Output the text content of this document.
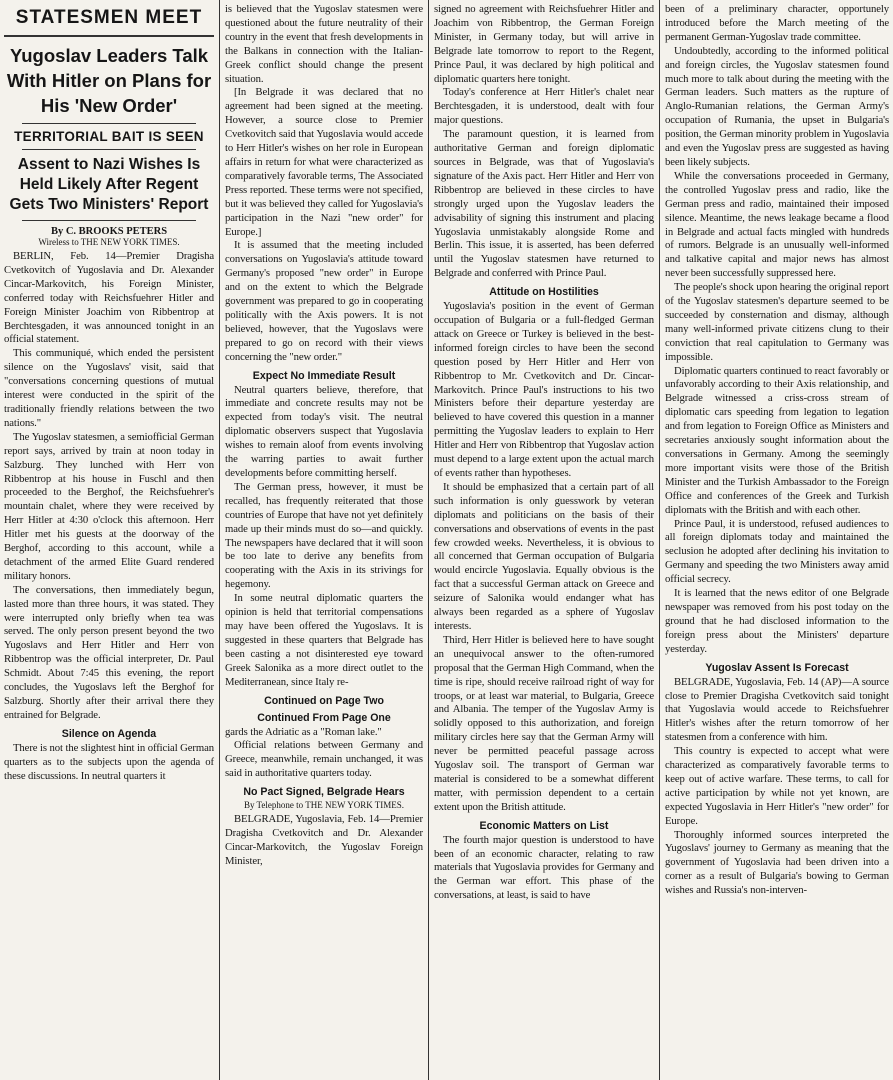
STATESMEN MEET
Yugoslav Leaders Talk With Hitler on Plans for His 'New Order'
TERRITORIAL BAIT IS SEEN
Assent to Nazi Wishes Is Held Likely After Regent Gets Two Ministers' Report
By C. BROOKS PETERS
Wireless to THE NEW YORK TIMES.

BERLIN, Feb. 14—Premier Dragisha Cvetkovitch of Yugoslavia and Dr. Alexander Cincar-Markovitch, his Foreign Minister, conferred today with Reichsfuehrer Hitler and Foreign Minister Joachim von Ribbentrop at Berchtesgaden, it was announced tonight in an official statement.

This communiqué, which ended the persistent silence on the Yugoslavs' visit, said that "conversations concerning questions of mutual interest were conducted in the spirit of the traditionally friendly relations between the two nations."

The Yugoslav statesmen, a semiofficial German report says, arrived by train at noon today in Salzburg. They lunched with Herr von Ribbentrop at his house in Fuschl and then proceeded to the Berghof, the Reichsfuehrer's mountain chalet, where they were received by Herr Hitler at 4:30 o'clock this afternoon. Herr Hitler met his guests at the doorway of the Berghof, according to this account, while a detachment of the armed Elite Guard rendered military honors.

The conversations, then immediately begun, lasted more than three hours, it was stated. They were interrupted only briefly when tea was served. The only person present beyond the two Yugoslavs and Herr Hitler and Herr von Ribbentrop was the official interpreter, Dr. Paul Schmidt. About 7:45 this evening, the report concludes, the Yugoslavs left the Berghof for Salzburg. Shortly after their arrival there they entrained for Belgrade.

Silence on Agenda

There is not the slightest hint in official German quarters as to the subjects upon the agenda of these discussions. In neutral quarters it

is believed that the Yugoslav statesmen were questioned about the future neutrality of their country in the event that fresh developments in the Balkans in connection with the Italian-Greek conflict should change the present situation.

[In Belgrade it was declared that no agreement had been signed at the meeting. However, a source close to Premier Cvetkovitch said that Yugoslavia would accede to Herr Hitler's wishes on her role in European affairs in return for what were characterized as comparatively favorable terms, The Associated Press reported. These terms were not specified, but it was believed they called for Yugoslavia's participation in the Nazi "new order" for Europe.]

It is assumed that the meeting included conversations on Yugoslavia's attitude toward Germany's proposed "new order" in Europe and on the extent to which the Belgrade government was prepared to go in cooperating politically with the Axis powers. It is not believed, however, that the Yugoslavs were prepared to go on record with their views concerning the "new order."

Expect No Immediate Result

Neutral quarters believe, therefore, that immediate and concrete results may not be expected from today's visit. The neutral diplomatic observers suspect that Yugoslavia wishes to remain aloof from events involving the warring parties to await further developments before committing herself.

The German press, however, it must be recalled, has frequently reiterated that those countries of Europe that have not yet definitely made up their minds must do so—and quickly. The newspapers have declared that it will soon be too late to derive any benefits from cooperating with the Axis in its strivings for hegemony.

In some neutral diplomatic quarters the opinion is held that territorial compensations may have been offered the Yugoslavs. It is suggested in these quarters that Belgrade has been casting a not disinterested eye toward Greek Salonika as a more direct outlet to the Mediterranean, since Italy re-

Continued on Page Two
Continued From Page One

gards the Adriatic as a "Roman lake."

Official relations between Germany and Greece, meanwhile, remain unchanged, it was said in authoritative quarters today.

No Pact Signed, Belgrade Hears
By Telephone to THE NEW YORK TIMES.

BELGRADE, Yugoslavia, Feb. 14—Premier Dragisha Cvetkovitch and Dr. Alexander Cincar-Markovitch, the Yugoslav Foreign Minister,

signed no agreement with Reichsfuehrer Hitler and Joachim von Ribbentrop, the German Foreign Minister, in Germany today, but will arrive in Belgrade late tomorrow to report to the Regent, Prince Paul, it was declared by high political and diplomatic quarters here tonight.

Today's conference at Herr Hitler's chalet near Berchtesgaden, it is understood, dealt with four major questions.

The paramount question, it is learned from authoritative German and foreign diplomatic sources in Belgrade, was that of Yugoslavia's signature of the Axis pact. Herr Hitler and Herr von Ribbentrop are believed in these circles to have strongly urged upon the Yugoslav leaders the advisability of signing this instrument and placing Yugoslavia unmistakably alongside Rome and Berlin. This issue, it is asserted, has been deferred until the Yugoslav statesmen have returned to Belgrade and conferred with Prince Paul.

Attitude on Hostilities

Yugoslavia's position in the event of German occupation of Bulgaria or a full-fledged German attack on Greece or Turkey is believed in the best-informed foreign circles to have been the second question posed by Herr Hitler and Herr von Ribbentrop to Mr. Cvetkovitch and Dr. Cincar-Markovitch. Prince Paul's instructions to his two Ministers before their departure yesterday are believed to have covered this question in a manner permitting the Yugoslav leaders to explain to Herr Hitler and Herr von Ribbentrop that Yugoslav action must depend to a large extent upon the actual march of events rather than hypotheses.

It should be emphasized that a certain part of all such information is only guesswork by veteran diplomats and politicians on the basis of their conversations and observations of events in the past few crowded weeks. Nevertheless, it is obvious to all concerned that German occupation of Bulgaria would encircle Yugoslavia. Equally obvious is the fact that a successful German attack on Greece and seizure of Salonika would endanger what has always been regarded as a sphere of Yugoslav interests.

Third, Herr Hitler is believed here to have sought an unequivocal answer to the often-rumored proposal that the German High Command, when the time is ripe, should receive railroad right of way for troops, or at least war material, to Bulgaria, Greece and Albania. The temper of the Yugoslav Army is solidly opposed to this authorization, and foreign military circles here say that the German Army will never be permitted peaceful passage across Yugoslav soil. The transport of German war material is considered to be a somewhat different matter, with permission dependent to a certain extent upon the British attitude.

Economic Matters on List

The fourth major question is understood to have been of an economic character, relating to raw materials that Yugoslavia provides for Germany and the German war effort. This phase of the conversations, at least, is said to have

been of a preliminary character, opportunely introduced before the March meeting of the permanent German-Yugoslav trade committee.

Undoubtedly, according to the informed political and foreign circles, the Yugoslav statesmen found much more to talk about during the meeting with the German leaders. Such matters as the rupture of Anglo-Rumanian relations, the German Army's occupation of Rumania, the upset in Bulgaria's position, the German minority problem in Yugoslavia and even the Yugoslav press are suggested as having been likely subjects.

While the conversations proceeded in Germany, the controlled Yugoslav press and radio, like the German press and radio, maintained their imposed silence. Meantime, the news leakage became a flood in Belgrade and actual facts mingled with hundreds of rumors. Belgrade is an unusually well-informed and talkative capital and major news has almost never been successfully suppressed here.

The people's shock upon hearing the original report of the Yugoslav statesmen's departure seemed to be succeeded by consternation and dismay, although many well-informed private citizens clung to their conviction that real capitulation to Germany was impossible.

Diplomatic quarters continued to react favorably or unfavorably according to their Axis relationship, and Belgrade witnessed a criss-cross stream of diplomatic cars speeding from legation to legation and from legation to Foreign Office as Ministers and secretaries anxiously sought information about the conversations in Germany. Among the seemingly more important visits were those of the British Minister and the Turkish Ambassador to the Foreign Office and conferences of the Greek and Turkish diplomats with the British and with each other.

Prince Paul, it is understood, refused audiences to all foreign diplomats today and maintained the seclusion he adopted after declining his invitation to Germany and speeding the two Ministers away amid official secrecy.

It is learned that the news editor of one Belgrade newspaper was removed from his post today on the ground that he had disclosed information to the foreign press about the Ministers' departure yesterday.

Yugoslav Assent Is Forecast

BELGRADE, Yugoslavia, Feb. 14 (AP)—A source close to Premier Dragisha Cvetkovitch said tonight that Yugoslavia would accede to Reichsfuehrer Hitler's wishes after the return tomorrow of her statesmen from a conference with him.

This country is expected to accept what were characterized as comparatively favorable terms to keep out of active warfare. These terms, to call for active participation by while not yet known, are expected Yugoslavia in Herr Hitler's "new order" for Europe.

Thoroughly informed sources interpreted the Yugoslavs' journey to Germany as meaning that the government of Yugoslavia had been driven into a corner as a result of Bulgaria's bowing to German wishes and Russia's non-interven-
